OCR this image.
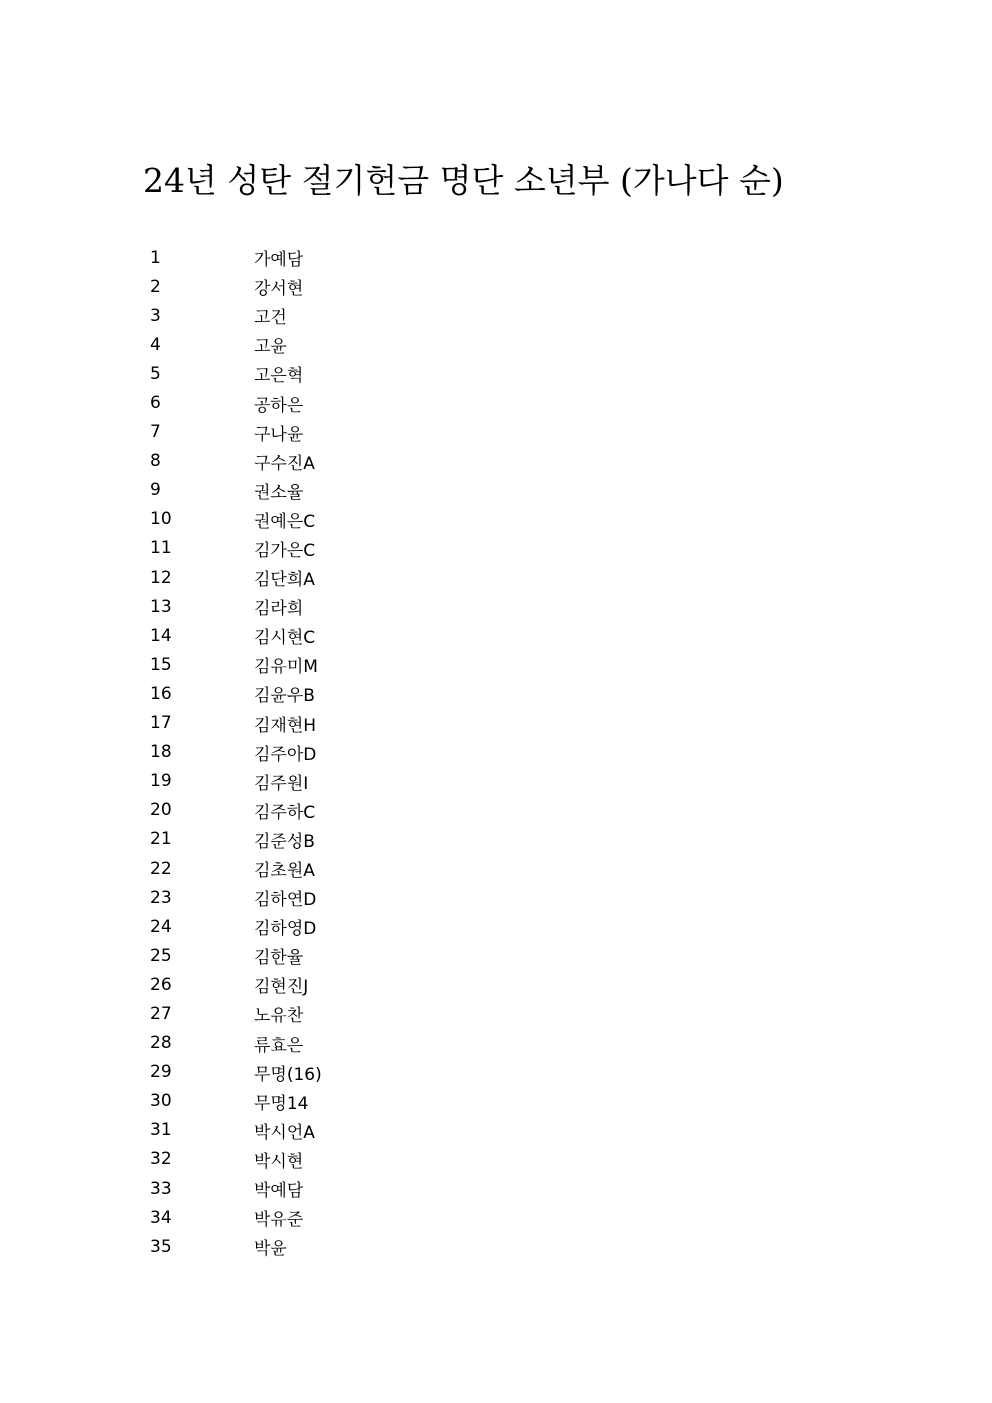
24년 성탄 절기헌금 명단 소년부 (가나다 순)
1	가예담
2	강서현
3	고건
4	고윤
5	고은혁
6	공하은
7	구나윤
8	구수진A
9	권소율
10	권예은C
11	김가은C
12	김단희A
13	김라희
14	김시현C
15	김유미M
16	김윤우B
17	김재현H
18	김주아D
19	김주원I
20	김주하C
21	김준성B
22	김초원A
23	김하연D
24	김하영D
25	김한율
26	김현진J
27	노유찬
28	류효은
29	무명(16)
30	무명14
31	박시언A
32	박시현
33	박예담
34	박유준
35	박윤
